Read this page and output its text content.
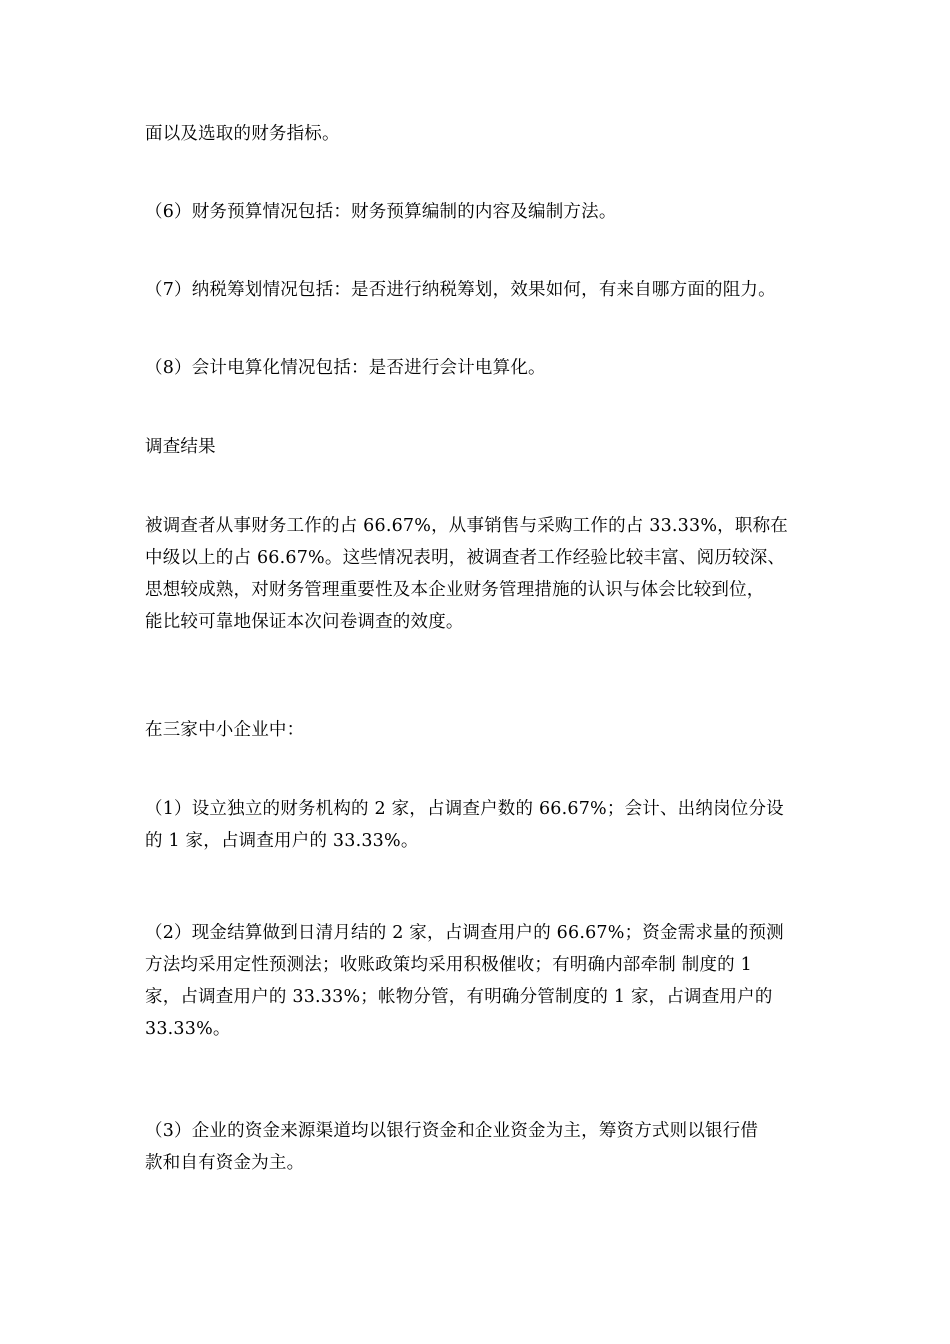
面以及选取的财务指标。

（6）财务预算情况包括：财务预算编制的内容及编制方法。

（7）纳税筹划情况包括：是否进行纳税筹划，效果如何，有来自哪方面的阻力。

（8）会计电算化情况包括：是否进行会计电算化。

调查结果

被调查者从事财务工作的占 66.67%，从事销售与采购工作的占 33.33%，职称在
中级以上的占 66.67%。这些情况表明，被调查者工作经验比较丰富、阅历较深、
思想较成熟，对财务管理重要性及本企业财务管理措施的认识与体会比较到位，
能比较可靠地保证本次问卷调查的效度。

在三家中小企业中：

（1）设立独立的财务机构的 2 家，占调查户数的 66.67%；会计、出纳岗位分设
的 1 家，占调查用户的 33.33%。

（2）现金结算做到日清月结的 2 家，占调查用户的 66.67%；资金需求量的预测
方法均采用定性预测法；收账政策均采用积极催收；有明确内部牵制 制度的 1
家，占调查用户的 33.33%；帐物分管，有明确分管制度的 1 家，占调查用户的
33.33%。

（3）企业的资金来源渠道均以银行资金和企业资金为主，筹资方式则以银行借
款和自有资金为主。
